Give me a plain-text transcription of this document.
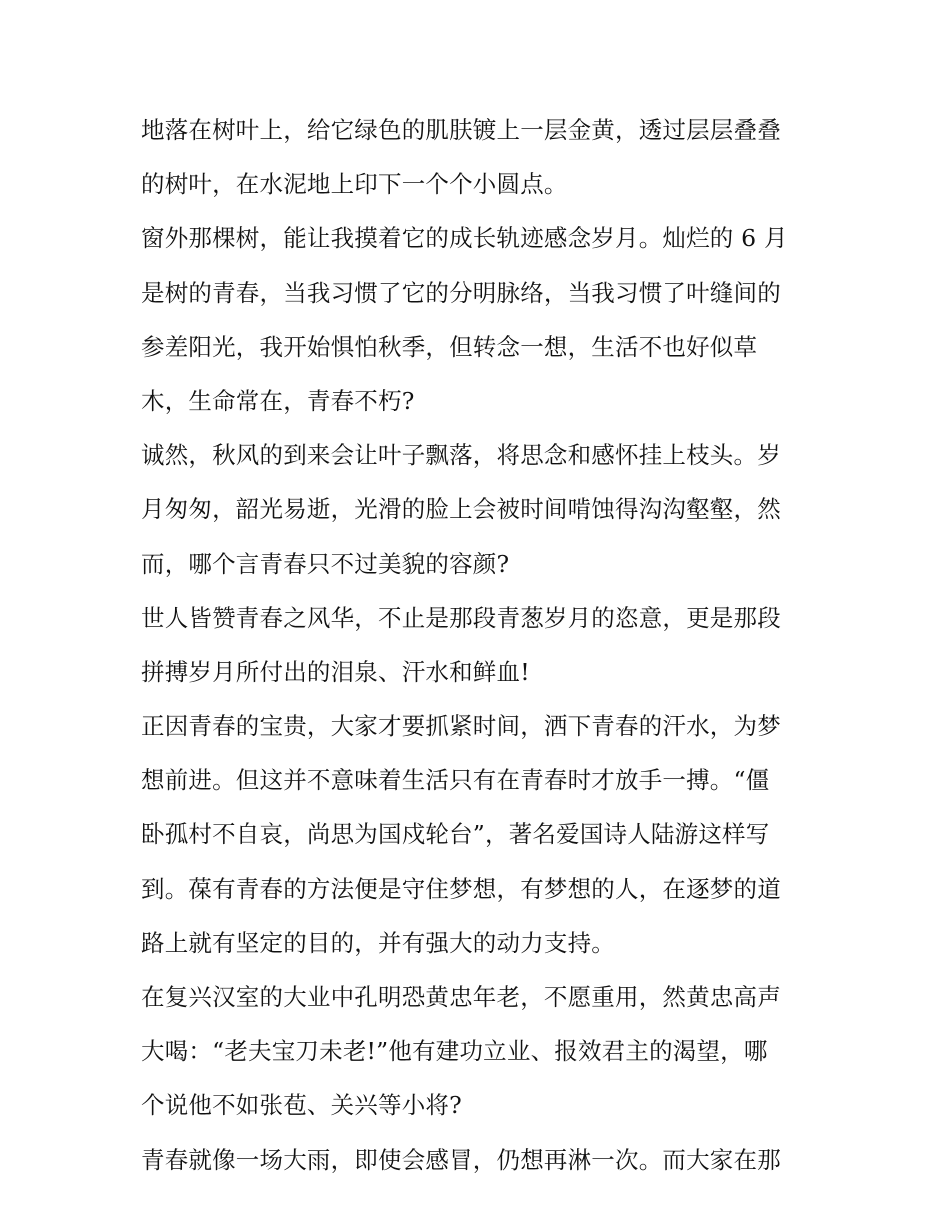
地落在树叶上，给它绿色的肌肤镀上一层金黄，透过层层叠叠
的树叶，在水泥地上印下一个个小圆点。
窗外那棵树，能让我摸着它的成长轨迹感念岁月。灿烂的 6 月
是树的青春，当我习惯了它的分明脉络，当我习惯了叶缝间的
参差阳光，我开始惧怕秋季，但转念一想，生活不也好似草
木，生命常在，青春不朽?
诚然，秋风的到来会让叶子飘落，将思念和感怀挂上枝头。岁
月匆匆，韶光易逝，光滑的脸上会被时间啃蚀得沟沟壑壑，然
而，哪个言青春只不过美貌的容颜?
世人皆赞青春之风华，不止是那段青葱岁月的恣意，更是那段
拼搏岁月所付出的泪泉、汗水和鲜血!
正因青春的宝贵，大家才要抓紧时间，洒下青春的汗水，为梦
想前进。但这并不意味着生活只有在青春时才放手一搏。“僵
卧孤村不自哀，尚思为国戍轮台”，著名爱国诗人陆游这样写
到。葆有青春的方法便是守住梦想，有梦想的人，在逐梦的道
路上就有坚定的目的，并有强大的动力支持。
在复兴汉室的大业中孔明恐黄忠年老，不愿重用，然黄忠高声
大喝：“老夫宝刀未老!”他有建功立业、报效君主的渴望，哪
个说他不如张苞、关兴等小将?
青春就像一场大雨，即使会感冒，仍想再淋一次。而大家在那
